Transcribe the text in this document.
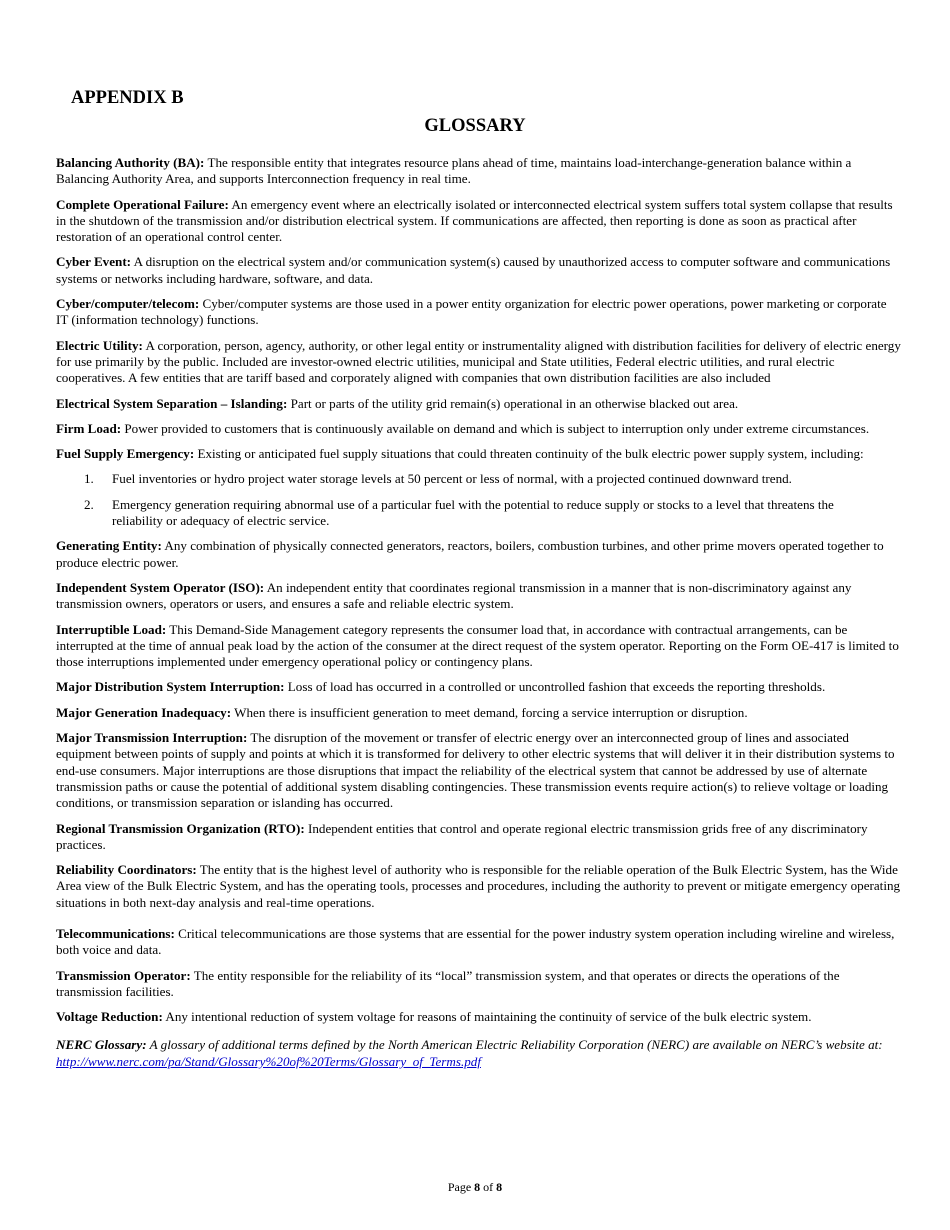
APPENDIX B
GLOSSARY

Balancing Authority (BA): The responsible entity that integrates resource plans ahead of time, maintains load-interchange-generation balance within a Balancing Authority Area, and supports Interconnection frequency in real time.

Complete Operational Failure: An emergency event where an electrically isolated or interconnected electrical system suffers total system collapse that results in the shutdown of the transmission and/or distribution electrical system. If communications are affected, then reporting is done as soon as practical after restoration of an operational control center.

Cyber Event: A disruption on the electrical system and/or communication system(s) caused by unauthorized access to computer software and communications systems or networks including hardware, software, and data.

Cyber/computer/telecom: Cyber/computer systems are those used in a power entity organization for electric power operations, power marketing or corporate IT (information technology) functions.

Electric Utility: A corporation, person, agency, authority, or other legal entity or instrumentality aligned with distribution facilities for delivery of electric energy for use primarily by the public. Included are investor-owned electric utilities, municipal and State utilities, Federal electric utilities, and rural electric cooperatives. A few entities that are tariff based and corporately aligned with companies that own distribution facilities are also included

Electrical System Separation – Islanding: Part or parts of the utility grid remain(s) operational in an otherwise blacked out area.

Firm Load: Power provided to customers that is continuously available on demand and which is subject to interruption only under extreme circumstances.

Fuel Supply Emergency: Existing or anticipated fuel supply situations that could threaten continuity of the bulk electric power supply system, including:

1. Fuel inventories or hydro project water storage levels at 50 percent or less of normal, with a projected continued downward trend.
2. Emergency generation requiring abnormal use of a particular fuel with the potential to reduce supply or stocks to a level that threatens the reliability or adequacy of electric service.

Generating Entity: Any combination of physically connected generators, reactors, boilers, combustion turbines, and other prime movers operated together to produce electric power.

Independent System Operator (ISO): An independent entity that coordinates regional transmission in a manner that is non-discriminatory against any transmission owners, operators or users, and ensures a safe and reliable electric system.

Interruptible Load: This Demand-Side Management category represents the consumer load that, in accordance with contractual arrangements, can be interrupted at the time of annual peak load by the action of the consumer at the direct request of the system operator. Reporting on the Form OE-417 is limited to those interruptions implemented under emergency operational policy or contingency plans.

Major Distribution System Interruption: Loss of load has occurred in a controlled or uncontrolled fashion that exceeds the reporting thresholds.

Major Generation Inadequacy: When there is insufficient generation to meet demand, forcing a service interruption or disruption.

Major Transmission Interruption: The disruption of the movement or transfer of electric energy over an interconnected group of lines and associated equipment between points of supply and points at which it is transformed for delivery to other electric systems that will deliver it in their distribution systems to end-use consumers. Major interruptions are those disruptions that impact the reliability of the electrical system that cannot be addressed by use of alternate transmission paths or cause the potential of additional system disabling contingencies. These transmission events require action(s) to relieve voltage or loading conditions, or transmission separation or islanding has occurred.

Regional Transmission Organization (RTO): Independent entities that control and operate regional electric transmission grids free of any discriminatory practices.

Reliability Coordinators: The entity that is the highest level of authority who is responsible for the reliable operation of the Bulk Electric System, has the Wide Area view of the Bulk Electric System, and has the operating tools, processes and procedures, including the authority to prevent or mitigate emergency operating situations in both next-day analysis and real-time operations.

Telecommunications: Critical telecommunications are those systems that are essential for the power industry system operation including wireline and wireless, both voice and data.

Transmission Operator: The entity responsible for the reliability of its “local” transmission system, and that operates or directs the operations of the transmission facilities.

Voltage Reduction: Any intentional reduction of system voltage for reasons of maintaining the continuity of service of the bulk electric system.

NERC Glossary: A glossary of additional terms defined by the North American Electric Reliability Corporation (NERC) are available on NERC’s website at: http://www.nerc.com/pa/Stand/Glossary%20of%20Terms/Glossary_of_Terms.pdf

Page 8 of 8
